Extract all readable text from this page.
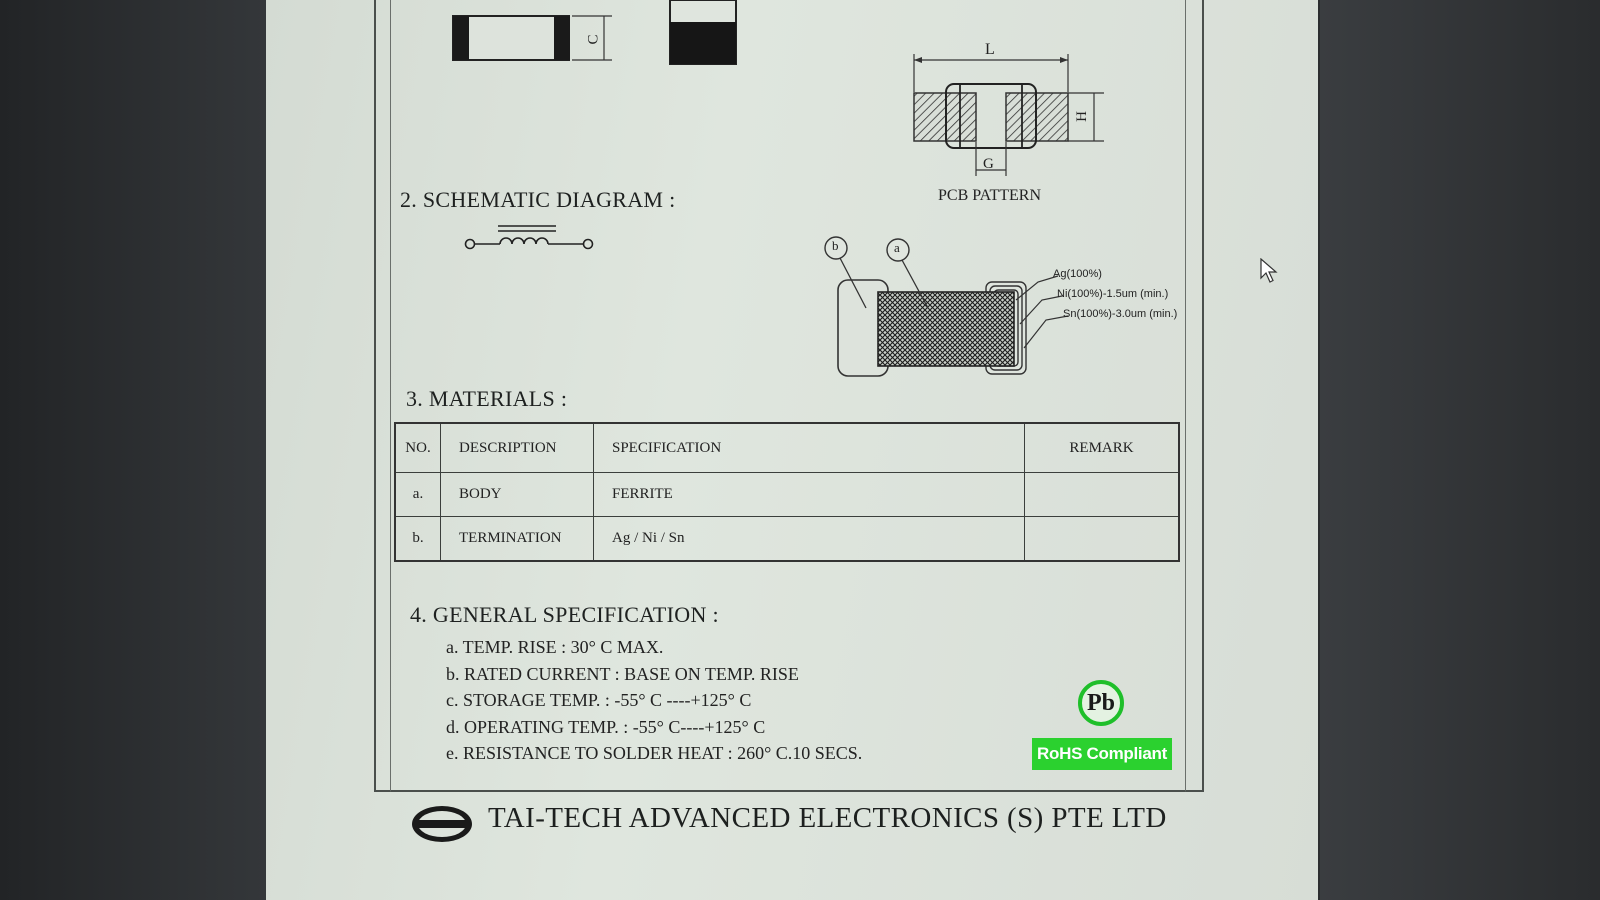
C
L
H
G
PCB PATTERN
2. SCHEMATIC DIAGRAM :
b	a
Ag(100%)
Ni(100%)-1.5um (min.)
Sn(100%)-3.0um (min.)
3. MATERIALS :
NO.	DESCRIPTION	SPECIFICATION	REMARK
a.	BODY	FERRITE	
b.	TERMINATION	Ag / Ni / Sn	
4. GENERAL SPECIFICATION :
a. TEMP. RISE : 30° C MAX.
b. RATED CURRENT : BASE ON TEMP. RISE
c. STORAGE TEMP. : -55° C ----+125° C
d. OPERATING TEMP. : -55° C----+125° C
e. RESISTANCE TO SOLDER HEAT : 260° C.10 SECS.
Pb
RoHS Compliant
TAI-TECH ADVANCED ELECTRONICS (S) PTE LTD
